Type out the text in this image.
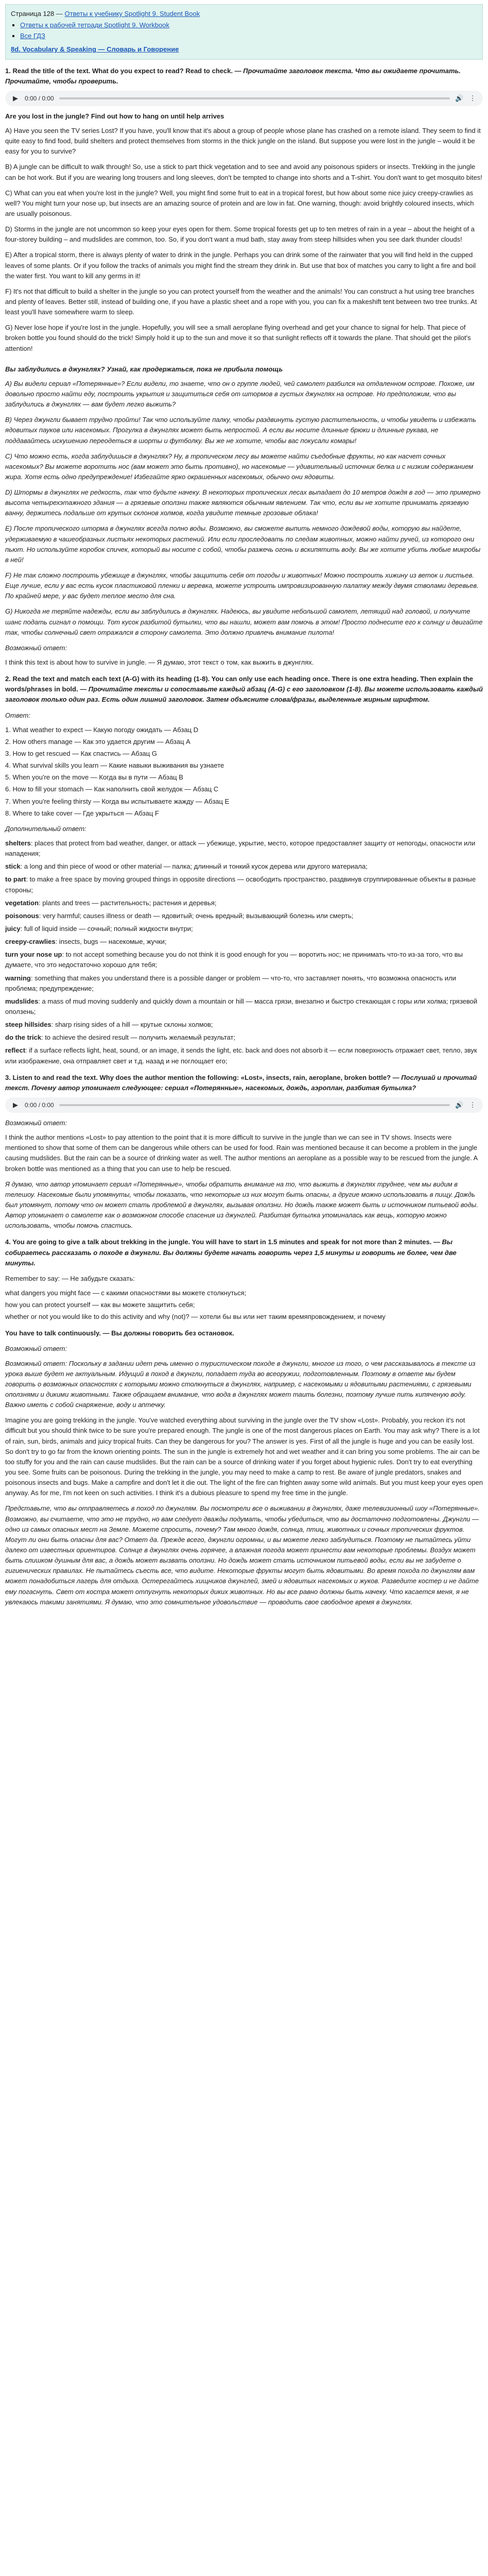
Страница 128 — Ответы к учебнику Spotlight 9. Student Book
▪ Ответы к рабочей тетради Spotlight 9. Workbook
▪ Все ГДЗ
8d. Vocabulary & Speaking — Словарь и Говорение
1. Read the title of the text. What do you expect to read? Read to check. — Прочитайте заголовок текста. Что вы ожидаете прочитать. Прочитайте, чтобы проверить.
▶ 0:00 / 0:00	🔊 ⋮
Are you lost in the jungle? Find out how to hang on until help arrives

A) Have you seen the TV series Lost? If you have, you'll know that it's about a group of people whose plane has crashed on a remote island. They seem to find it quite easy to find food, build shelters and protect themselves from storms in the thick jungle on the island. But suppose you were lost in the jungle – would it be easy for you to survive?

B) A jungle can be difficult to walk through! So, use a stick to part thick vegetation and to see and avoid any poisonous spiders or insects. Trekking in the jungle can be hot work. But if you are wearing long trousers and long sleeves, don't be tempted to change into shorts and a T-shirt. You don't want to get mosquito bites!

C) What can you eat when you're lost in the jungle? Well, you might find some fruit to eat in a tropical forest, but how about some nice juicy creepy-crawlies as well? You might turn your nose up, but insects are an amazing source of protein and are low in fat. One warning, though: avoid brightly coloured insects, which are usually poisonous.

D) Storms in the jungle are not uncommon so keep your eyes open for them. Some tropical forests get up to ten metres of rain in a year – about the height of a four-storey building – and mudslides are common, too. So, if you don't want a mud bath, stay away from steep hillsides when you see dark thunder clouds!

E) After a tropical storm, there is always plenty of water to drink in the jungle. Perhaps you can drink some of the rainwater that you will find held in the cupped leaves of some plants. Or if you follow the tracks of animals you might find the stream they drink in. But use that box of matches you carry to light a fire and boil the water first. You want to kill any germs in it!

F) It's not that difficult to build a shelter in the jungle so you can protect yourself from the weather and the animals! You can construct a hut using tree branches and plenty of leaves. Better still, instead of building one, if you have a plastic sheet and a rope with you, you can fix a makeshift tent between two tree trunks. At least you'll have somewhere warm to sleep.

G) Never lose hope if you're lost in the jungle. Hopefully, you will see a small aeroplane flying overhead and get your chance to signal for help. That piece of broken bottle you found should do the trick! Simply hold it up to the sun and move it so that sunlight reflects off it towards the plane. That should get the pilot's attention!

Вы заблудились в джунглях? Узнай, как продержаться, пока не прибыла помощь

A) Вы видели сериал «Потерянные»? Если видели, то знаете, что он о группе людей, чей самолет разбился на отдаленном острове. Похоже, им довольно просто найти еду, построить укрытия и защититься себя от штормов в густых джунглях на острове. Но предположим, что вы заблудились в джунглях — вам будет легко выжить?

B) Через джунгли бывает трудно пройти! Так что используйте палку, чтобы раздвинуть густую растительность, и чтобы увидеть и избежать ядовитых пауков или насекомых. Прогулка в джунглях может быть непростой. А если вы носите длинные брюки и длинные рукава, не поддавайтесь искушению переодеться в шорты и футболку. Вы же не хотите, чтобы вас покусали комары!

C) Что можно есть, когда заблудишься в джунглях? Ну, в тропическом лесу вы можете найти съедобные фрукты, но как насчет сочных насекомых? Вы можете воротить нос (вам может это быть противно), но насекомые — удивительный источник белка и с низким содержанием жира. Хотя есть одно предупреждение! Избегайте ярко окрашенных насекомых, обычно они ядовиты.

D) Штормы в джунглях не редкость, так что будьте начеку. В некоторых тропических лесах выпадает до 10 метров дождя в год — это примерно высота четырехэтажного здания — а грязевые оползни также являются обычным явлением. Так что, если вы не хотите принимать грязевую ванну, держитесь подальше от крутых склонов холмов, когда увидите темные грозовые облака!

E) После тропического шторма в джунглях всегда полно воды. Возможно, вы сможете выпить немного дождевой воды, которую вы найдете, удерживаемую в чашеобразных листьях некоторых растений. Или если проследовать по следам животных, можно найти ручей, из которого они пьют. Но используйте коробок спичек, который вы носите с собой, чтобы разжечь огонь и вскипятить воду. Вы же хотите убить любые микробы в ней!

F) Не так сложно построить убежище в джунглях, чтобы защитить себя от погоды и животных! Можно построить хижину из веток и листьев. Еще лучше, если у вас есть кусок пластиковой пленки и веревка, можете устроить импровизированную палатку между двумя стволами деревьев. По крайней мере, у вас будет теплое место для сна.

G) Никогда не теряйте надежды, если вы заблудились в джунглях. Надеюсь, вы увидите небольшой самолет, летящий над головой, и получите шанс подать сигнал о помощи. Тот кусок разбитой бутылки, что вы нашли, может вам помочь в этом! Просто поднесите его к солнцу и двигайте так, чтобы солнечный свет отражался в сторону самолета. Это должно привлечь внимание пилота!

Возможный ответ:

I think this text is about how to survive in jungle. — Я думаю, этот текст о том, как выжить в джунглях.

2. Read the text and match each text (A-G) with its heading (1-8). You can only use each heading once. There is one extra heading. Then explain the words/phrases in bold. — Прочитайте тексты и сопоставьте каждый абзац (A-G) с его заголовком (1-8). Вы можете использовать каждый заголовок только один раз. Есть один лишний заголовок. Затем объясните слова/фразы, выделенные жирным шрифтом.
Ответ:
1. What weather to expect — Какую погоду ожидать — Абзац D
2. How others manage — Как это удается другим — Абзац A
3. How to get rescued — Как спастись — Абзац G
4. What survival skills you learn — Какие навыки выживания вы узнаете
5. When you're on the move — Когда вы в пути — Абзац B
6. How to fill your stomach — Как наполнить свой желудок — Абзац C
7. When you're feeling thirsty — Когда вы испытываете жажду — Абзац E
8. Where to take cover — Где укрыться — Абзац F
Дополнительный ответ:
shelters: places that protect from bad weather, danger, or attack — убежище, укрытие, место, которое предоставляет защиту от непогоды, опасности или нападения;
stick: a long and thin piece of wood or other material — палка; длинный и тонкий кусок дерева или другого материала;
to part: to make a free space by moving grouped things in opposite directions — освободить пространство, раздвинув сгруппированные объекты в разные стороны;
vegetation: plants and trees — растительность; растения и деревья;
poisonous: very harmful; causes illness or death — ядовитый; очень вредный; вызывающий болезнь или смерть;
juicy: full of liquid inside — сочный; полный жидкости внутри;
creepy-crawlies: insects, bugs — насекомые, жучки;
turn your nose up: to not accept something because you do not think it is good enough for you — воротить нос; не принимать что-то из-за того, что вы думаете, что это недостаточно хорошо для тебя;
warning: something that makes you understand there is a possible danger or problem — что-то, что заставляет понять, что возможна опасность или проблема; предупреждение;
mudslides: a mass of mud moving suddenly and quickly down a mountain or hill — масса грязи, внезапно и быстро стекающая с горы или холма; грязевой оползень;
steep hillsides: sharp rising sides of a hill — крутые склоны холмов;
do the trick: to achieve the desired result — получить желаемый результат;
reflect: if a surface reflects light, heat, sound, or an image, it sends the light, etc. back and does not absorb it — если поверхность отражает свет, тепло, звук или изображение, она отправляет свет и т.д. назад и не поглощает его;
3. Listen to and read the text. Why does the author mention the following: «Lost», insects, rain, aeroplane, broken bottle? — Послушай и прочитай текст. Почему автор упоминает следующее: сериал «Потерянные», насекомых, дождь, аэроплан, разбитая бутылка?
▶ 0:00 / 0:00	🔊 ⋮
Возможный ответ:

I think the author mentions «Lost» to pay attention to the point that it is more difficult to survive in the jungle than we can see in TV shows. Insects were mentioned to show that some of them can be dangerous while others can be used for food. Rain was mentioned because it can become a problem in the jungle causing mudslides. But the rain can be a source of drinking water as well. The author mentions an aeroplane as a possible way to be rescued from the jungle. A broken bottle was mentioned as a thing that you can use to help be rescued.

Я думаю, что автор упоминает сериал «Потерянные», чтобы обратить внимание на то, что выжить в джунглях труднее, чем мы видим в телешоу. Насекомые были упомянуты, чтобы показать, что некоторые из них могут быть опасны, а другие можно использовать в пищу. Дождь был упомянут, потому что он может стать проблемой в джунглях, вызывая оползни. Но дождь также может быть и источником питьевой воды. Автор упоминает о самолете как о возможном способе спасения из джунглей. Разбитая бутылка упоминалась как вещь, которую можно использовать, чтобы помочь спастись.

4. You are going to give a talk about trekking in the jungle. You will have to start in 1.5 minutes and speak for not more than 2 minutes. — Вы собираетесь рассказать о походе в джунгли. Вы должны будете начать говорить через 1,5 минуты и говорить не более, чем две минуты.
Remember to say: — Не забудьте сказать:
what dangers you might face — с какими опасностями вы можете столкнуться;
how you can protect yourself — как вы можете защитить себя;
whether or not you would like to do this activity and why (not)? — хотели бы вы или нет таким времяпровождением, и почему
You have to talk continuously. — Вы должны говорить без остановок.
Возможный ответ:

Возможный ответ: Поскольку в задании идет речь именно о туристическом походе в джунгли, многое из того, о чем рассказывалось в тексте из урока выше будет не актуальным. Идущий в поход в джунгли, попадает туда во всеоружии, подготовленным. Поэтому в ответе мы будем говорить о возможных опасностях с которыми можно столкнуться в джунглях, например, с насекомыми и ядовитыми растениями, с грязевыми оползнями и дикими животными. Также обращаем внимание, что вода в джунглях может таить болезни, поэтому лучше пить кипяченую воду. Важно иметь с собой снаряжение, воду и аптечку.

Imagine you are going trekking in the jungle. You've watched everything about surviving in the jungle over the TV show «Lost». Probably, you reckon it's not difficult but you should think twice to be sure you're prepared enough. The jungle is one of the most dangerous places on Earth. You may ask why? There is a lot of rain, sun, birds, animals and juicy tropical fruits. Can they be dangerous for you? The answer is yes. First of all the jungle is huge and you can be easily lost. So don't try to go far from the known orienting points. The sun in the jungle is extremely hot and wet weather and it can bring you some problems. The air can be too stuffy for you and the rain can cause mudslides. But the rain can be a source of drinking water if you forget about hygienic rules. Don't try to eat everything you see. Some fruits can be poisonous. During the trekking in the jungle, you may need to make a camp to rest. Be aware of jungle predators, snakes and poisonous insects and bugs. Make a campfire and don't let it die out. The light of the fire can frighten away some wild animals. But you must keep your eyes open anyway. As for me, I'm not keen on such activities. I think it's a dubious pleasure to spend my free time in the jungle.

Представьте, что вы отправляетесь в поход по джунглям. Вы посмотрели все о выживании в джунглях, даже телевизионный шоу «Потерянные». Возможно, вы считаете, что это не трудно, но вам следует дважды подумать, чтобы убедиться, что вы достаточно подготовлены. Джунгли — одно из самых опасных мест на Земле. Можете спросить, почему? Там много дождя, солнца, птиц, животных и сочных тропических фруктов. Могут ли они быть опасны для вас? Ответ да. Прежде всего, джунгли огромны, и вы можете легко заблудиться. Поэтому не пытайтесь уйти далеко от известных ориентиров. Солнце в джунглях очень горячее, а влажная погода может принести вам некоторые проблемы. Воздух может быть слишком душным для вас, а дождь может вызвать оползни. Но дождь может стать источником питьевой воды, если вы не забудете о гигиенических правилах. Не пытайтесь съесть все, что видите. Некоторые фрукты могут быть ядовитыми. Во время похода по джунглям вам может понадобиться лагерь для отдыха. Остерегайтесь хищников джунглей, змей и ядовитых насекомых и жуков. Разведите костер и не дайте ему погаснуть. Свет от костра может отпугнуть некоторых диких животных. Но вы все равно должны быть начеку. Что касается меня, я не увлекаюсь такими занятиями. Я думаю, что это сомнительное удовольствие — проводить свое свободное время в джунглях.
